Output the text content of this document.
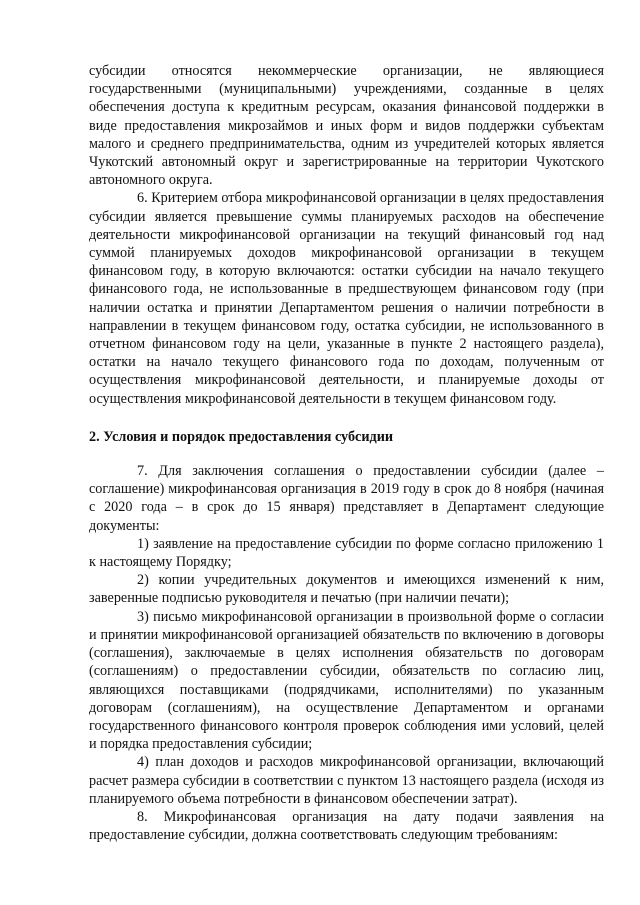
субсидии относятся некоммерческие организации, не являющиеся государственными (муниципальными) учреждениями, созданные в целях обеспечения доступа к кредитным ресурсам, оказания финансовой поддержки в виде предоставления микрозаймов и иных форм и видов поддержки субъектам малого и среднего предпринимательства, одним из учредителей которых является Чукотский автономный округ и зарегистрированные на территории Чукотского автономного округа.

6. Критерием отбора микрофинансовой организации в целях предоставления субсидии является превышение суммы планируемых расходов на обеспечение деятельности микрофинансовой организации на текущий финансовый год над суммой планируемых доходов микрофинансовой организации в текущем финансовом году, в которую включаются: остатки субсидии на начало текущего финансового года, не использованные в предшествующем финансовом году (при наличии остатка и принятии Департаментом решения о наличии потребности в направлении в текущем финансовом году, остатка субсидии, не использованного в отчетном финансовом году на цели, указанные в пункте 2 настоящего раздела), остатки на начало текущего финансового года по доходам, полученным от осуществления микрофинансовой деятельности, и планируемые доходы от осуществления микрофинансовой деятельности в текущем финансовом году.

2. Условия и порядок предоставления субсидии

7. Для заключения соглашения о предоставлении субсидии (далее – соглашение) микрофинансовая организация в 2019 году в срок до 8 ноября (начиная с 2020 года – в срок до 15 января) представляет в Департамент следующие документы:

1) заявление на предоставление субсидии по форме согласно приложению 1 к настоящему Порядку;

2) копии учредительных документов и имеющихся изменений к ним, заверенные подписью руководителя и печатью (при наличии печати);

3) письмо микрофинансовой организации в произвольной форме о согласии и принятии микрофинансовой организацией обязательств по включению в договоры (соглашения), заключаемые в целях исполнения обязательств по договорам (соглашениям) о предоставлении субсидии, обязательств по согласию лиц, являющихся поставщиками (подрядчиками, исполнителями) по указанным договорам (соглашениям), на осуществление Департаментом и органами государственного финансового контроля проверок соблюдения ими условий, целей и порядка предоставления субсидии;

4) план доходов и расходов микрофинансовой организации, включающий расчет размера субсидии в соответствии с пунктом 13 настоящего раздела (исходя из планируемого объема потребности в финансовом обеспечении затрат).

8. Микрофинансовая организация на дату подачи заявления на предоставление субсидии, должна соответствовать следующим требованиям:
